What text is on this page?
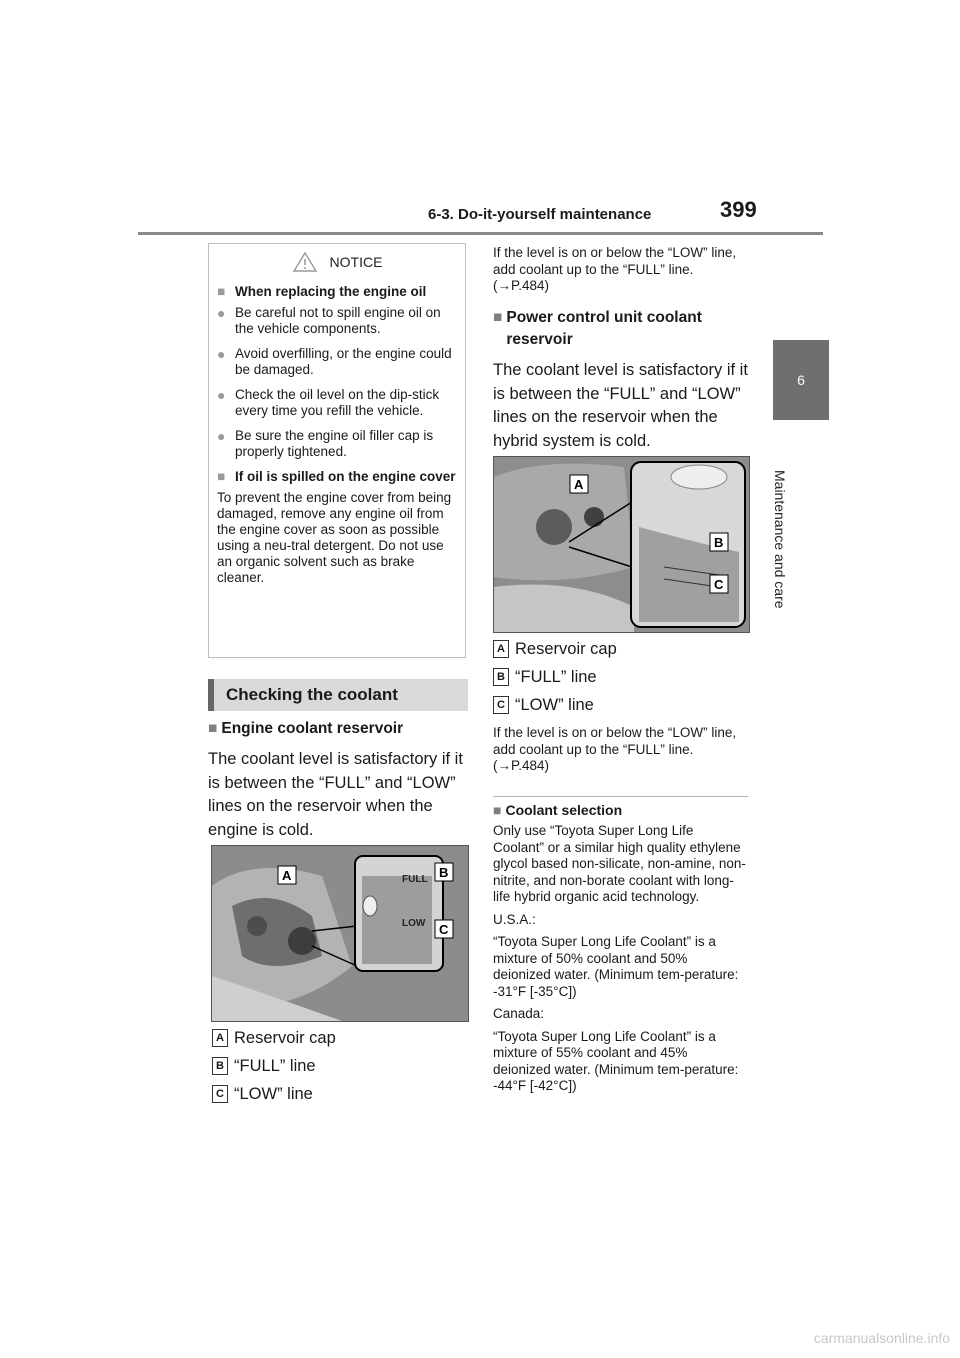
6-3. Do-it-yourself maintenance	399
6
Maintenance and care
NOTICE
■ When replacing the engine oil
● Be careful not to spill engine oil on the vehicle components.
● Avoid overfilling, or the engine could be damaged.
● Check the oil level on the dip-stick every time you refill the vehicle.
● Be sure the engine oil filler cap is properly tightened.
■ If oil is spilled on the engine cover

To prevent the engine cover from being damaged, remove any engine oil from the engine cover as soon as possible using a neu-tral detergent. Do not use an organic solvent such as brake cleaner.

Checking the coolant
■ Engine coolant reservoir
The coolant level is satisfactory if it is between the “FULL” and “LOW” lines on the reservoir when the engine is cold.
FULL
LOW
A	B
C
A Reservoir cap
B “FULL” line
C “LOW” line
If the level is on or below the “LOW” line, add coolant up to the “FULL” line. (→P.484)
■ Power control unit coolant reservoir
The coolant level is satisfactory if it is between the “FULL” and “LOW” lines on the reservoir when the hybrid system is cold.
A
B
C
A Reservoir cap
B “FULL” line
C “LOW” line
If the level is on or below the “LOW” line, add coolant up to the “FULL” line. (→P.484)
■ Coolant selection
Only use “Toyota Super Long Life Coolant” or a similar high quality ethylene glycol based non-silicate, non-amine, non-nitrite, and non-borate coolant with long-life hybrid organic acid technology.
U.S.A.:
“Toyota Super Long Life Coolant” is a mixture of 50% coolant and 50% deionized water. (Minimum tem-perature: -31°F [-35°C])
Canada:
“Toyota Super Long Life Coolant” is a mixture of 55% coolant and 45% deionized water. (Minimum tem-perature: -44°F [-42°C])
carmanualsonline.info
